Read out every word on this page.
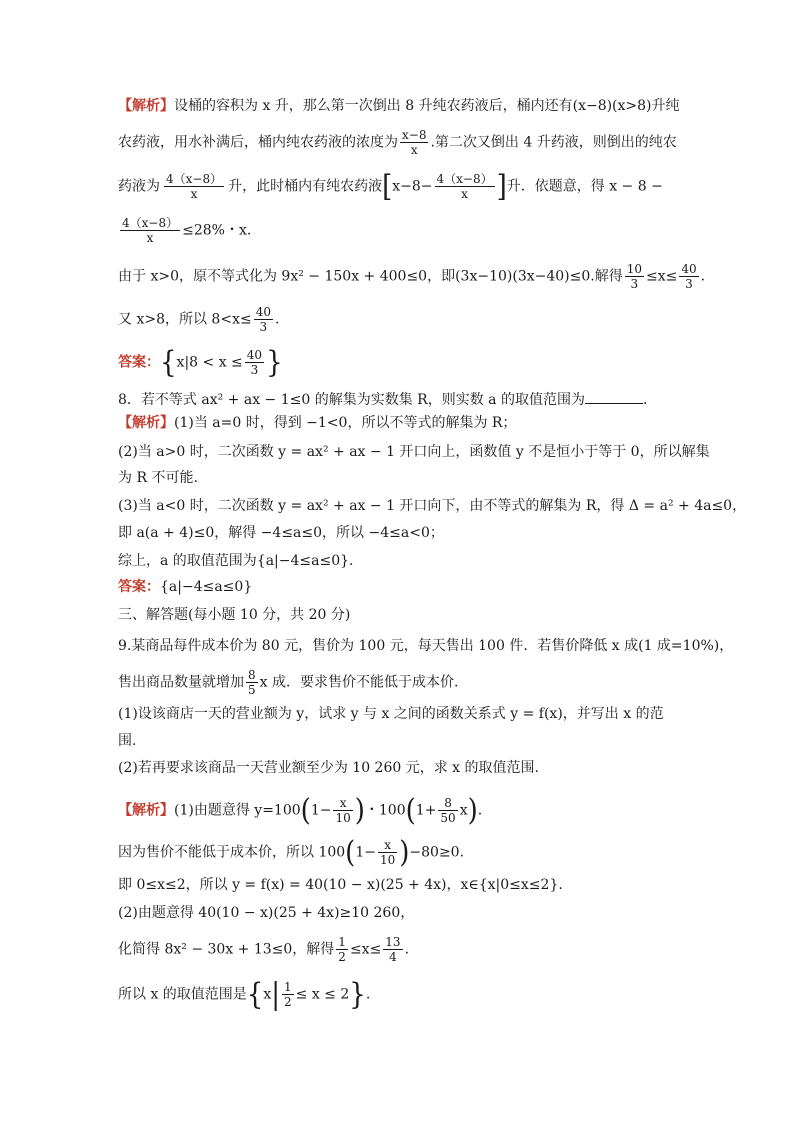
【解析】设桶的容积为 x 升，那么第一次倒出 8 升纯农药液后，桶内还有(x−8)(x>8)升纯
农药液，用水补满后，桶内纯农药液的浓度为 $\frac{x-8}{x}$ .第二次又倒出 4 升药液，则倒出的纯农
药液为 $\frac{4(x-8)}{x}$ 升，此时桶内有纯农药液[$x-8- \frac{4(x-8)}{x}$ ]升．依题意，得 x − 8 −
$\frac{4(x-8)}{x} \le 28\%$・x.
由于 x>0，原不等式化为 9x² − 150x + 400≤0，即(3x−10)(3x−40)≤0.解得 $\frac{10}{3} \le x\le \frac{40}{3}$ .
又 x>8，所以 $8<x\le \frac{40}{3}$ .
答案：{$x|8 < x \le \frac{40}{3}$ }
8．若不等式 ax² + ax − 1≤0 的解集为实数集 R，则实数 a 的取值范围为	.
【解析】(1)当 a=0 时，得到 −1<0，所以不等式的解集为 R；
(2)当 a>0 时，二次函数 y = ax² + ax − 1 开口向上，函数值 y 不是恒小于等于 0，所以解集
为 R 不可能.
(3)当 a<0 时，二次函数 y = ax² + ax − 1 开口向下，由不等式的解集为 R，得 Δ = a² + 4a≤0，
即 a(a + 4)≤0，解得 −4≤a≤0，所以 −4≤a<0；
综上，a 的取值范围为{a|−4≤a≤0}.
答案：{a|−4≤a≤0}
三、解答题(每小题 10 分，共 20 分)
9.某商品每件成本价为 80 元，售价为 100 元，每天售出 100 件．若售价降低 x 成(1 成=10%)，
售出商品数量就增加 $\frac{8}{5}$ x 成．要求售价不能低于成本价.
(1)设该商店一天的营业额为 y，试求 y 与 x 之间的函数关系式 y = f(x)，并写出 x 的范
围.
(2)若再要求该商品一天营业额至少为 10 260 元，求 x 的取值范围.
【解析】(1)由题意得 $y=100(1- \frac{x}{10}$ )・$100(1+ \frac{8}{50} x)$.
因为售价不能低于成本价，所以 $100(1- \frac{x}{10} )-80\ge 0$.
即 0≤x≤2，所以 y = f(x) = 40(10 − x)(25 + 4x)，x∈{x|0≤x≤2}.
(2)由题意得 40(10 − x)(25 + 4x)≥10 260，
化简得 8x² − 30x + 13≤0，解得 $\frac{1}{2} \le x\le \frac{13}{4}$ .
所以 x 的取值范围是$\{x| \frac{1}{2} \le x \le 2\}$.
